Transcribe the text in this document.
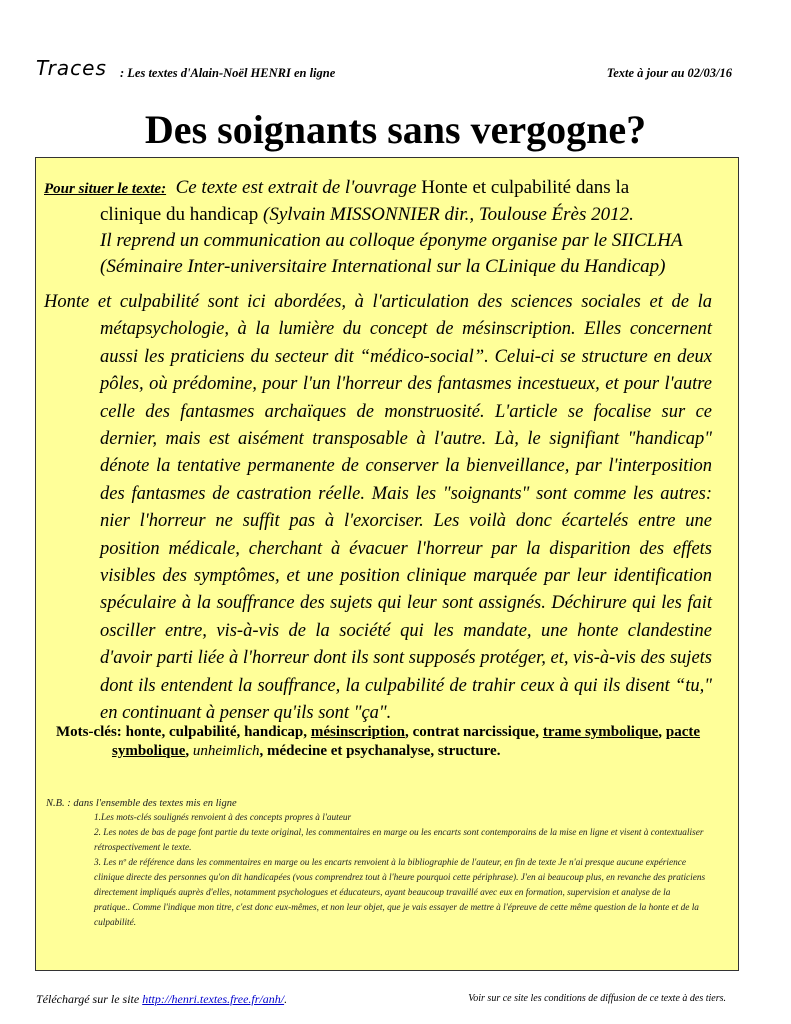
Traces : Les textes d'Alain-Noël HENRI en ligne	Texte à jour au 02/03/16
Des soignants sans vergogne?
Pour situer le texte: Ce texte est extrait de l'ouvrage Honte et culpabilité dans la
clinique du handicap (Sylvain MISSONNIER dir., Toulouse Érès 2012.
Il reprend un communication au colloque éponyme organise par le SIICLHA
(Séminaire Inter-universitaire International sur la CLinique du Handicap)
Honte et culpabilité sont ici abordées, à l'articulation des sciences sociales et de la métapsychologie, à la lumière du concept de mésinscription. Elles concernent aussi les praticiens du secteur dit “médico-social”. Celui-ci se structure en deux pôles, où prédomine, pour l'un l'horreur des fantasmes incestueux, et pour l'autre celle des fantasmes archaïques de monstruosité. L'article se focalise sur ce dernier, mais est aisément transposable à l'autre. Là, le signifiant "handicap" dénote la tentative permanente de conserver la bienveillance, par l'interposition des fantasmes de castration réelle. Mais les "soignants" sont comme les autres: nier l'horreur ne suffit pas à l'exorciser. Les voilà donc écartelés entre une position médicale, cherchant à évacuer l'horreur par la disparition des effets visibles des symptômes, et une position clinique marquée par leur identification spéculaire à la souffrance des sujets qui leur sont assignés. Déchirure qui les fait osciller entre, vis-à-vis de la société qui les mandate, une honte clandestine d'avoir parti liée à l'horreur dont ils sont supposés protéger, et, vis-à-vis des sujets dont ils entendent la souffrance, la culpabilité de trahir ceux à qui ils disent “tu," en continuant à penser qu'ils sont "ça".
Mots-clés: honte, culpabilité, handicap, mésinscription, contrat narcissique, trame symbolique, pacte symbolique, unheimlich, médecine et psychanalyse, structure.
N.B. : dans l'ensemble des textes mis en ligne
1.Les mots-clés soulignés renvoient à des concepts propres à l'auteur
2. Les notes de bas de page font partie du texte original, les commentaires en marge ou les encarts sont contemporains de la mise en ligne et visent à contextualiser rétrospectivement le texte.
3. Les nº de référence dans les commentaires en marge ou les encarts renvoient à la bibliographie de l'auteur, en fin de texte Je n'ai presque aucune expérience clinique directe des personnes qu'on dit handicapées (vous comprendrez tout à l'heure pourquoi cette périphrase). J'en ai beaucoup plus, en revanche des praticiens directement impliqués auprès d'elles, notamment psychologues et éducateurs, ayant beaucoup travaillé avec eux en formation, supervision et analyse de la pratique.. Comme l'indique mon titre, c'est donc eux-mêmes, et non leur objet, que je vais essayer de mettre à l'épreuve de cette même question de la honte et de la culpabilité.
Téléchargé sur le site http://henri.textes.free.fr/anh/.	Voir sur ce site les conditions de diffusion de ce texte à des tiers.
